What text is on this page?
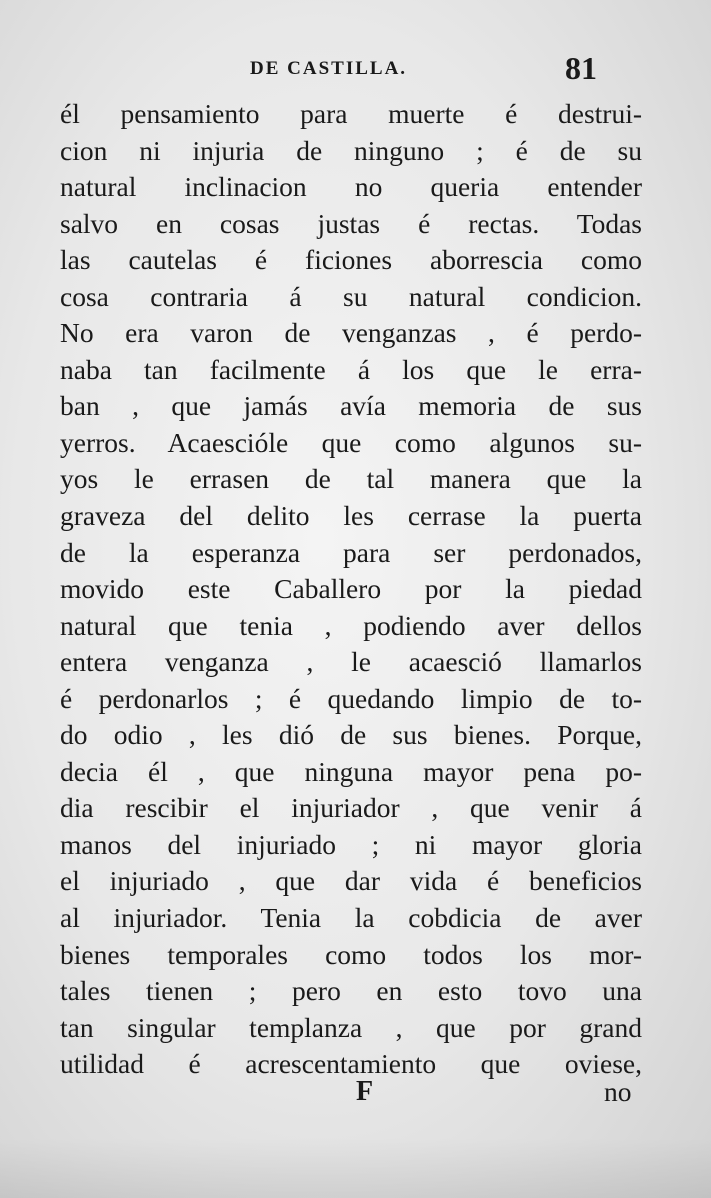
DE CASTILLA.	81
él pensamiento para muerte é destrui-
cion ni injuria de ninguno ; é de su
natural inclinacion no queria entender
salvo en cosas justas é rectas. Todas
las cautelas é ficiones aborrescia como
cosa contraria á su natural condicion.
No era varon de venganzas , é perdo-
naba tan facilmente á los que le erra-
ban , que jamás avía memoria de sus
yerros. Acaescióle que como algunos su-
yos le errasen de tal manera que la
graveza del delito les cerrase la puerta
de la esperanza para ser perdonados,
movido este Caballero por la piedad
natural que tenia , podiendo aver dellos
entera venganza , le acaesció llamarlos
é perdonarlos ; é quedando limpio de to-
do odio , les dió de sus bienes. Porque,
decia él , que ninguna mayor pena po-
dia rescibir el injuriador , que venir á
manos del injuriado ; ni mayor gloria
el injuriado , que dar vida é beneficios
al injuriador. Tenia la cobdicia de aver
bienes temporales como todos los mor-
tales tienen ; pero en esto tovo una
tan singular templanza , que por grand
utilidad é acrescentamiento que oviese,
F	no
